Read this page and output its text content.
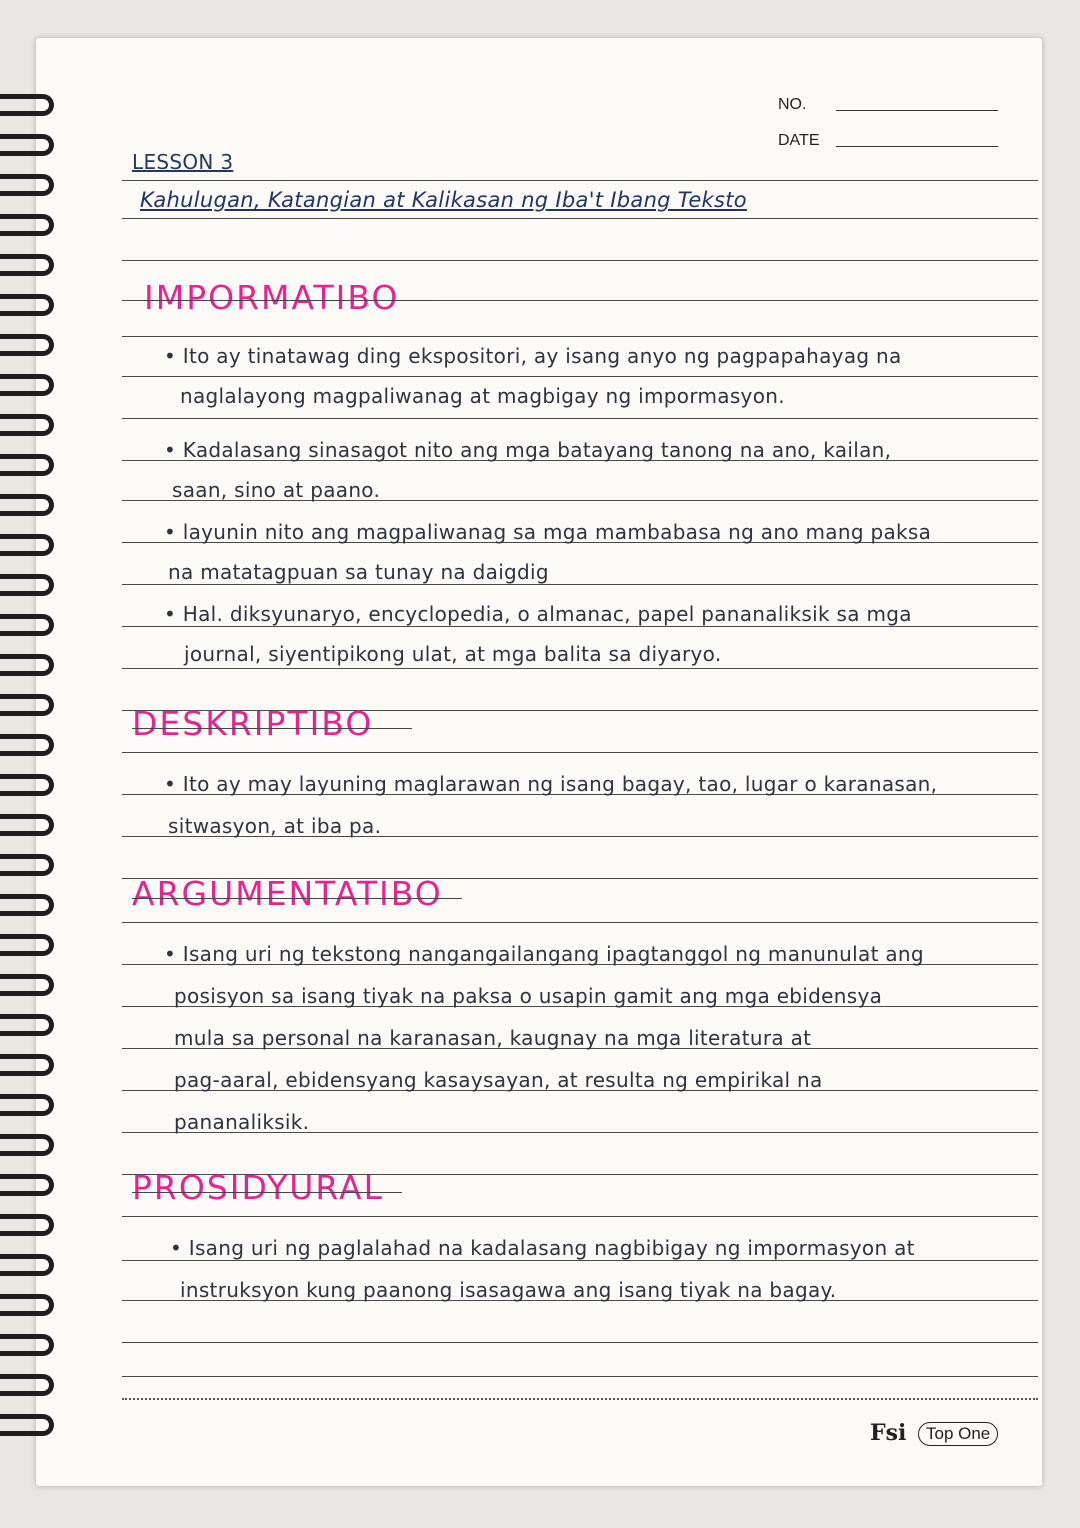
NO.
DATE
LESSON 3
Kahulugan, Katangian at Kalikasan ng Iba't Ibang Teksto
IMPORMATIBO
• Ito ay tinatawag ding ekspositori, ay isang anyo ng pagpapahayag na
naglalayong magpaliwanag at magbigay ng impormasyon.
• Kadalasang sinasagot nito ang mga batayang tanong na ano, kailan,
saan, sino at paano.
• layunin nito ang magpaliwanag sa mga mambabasa ng ano mang paksa
na matatagpuan sa tunay na daigdig
• Hal. diksyunaryo, encyclopedia, o almanac, papel pananaliksik sa mga
journal, siyentipikong ulat, at mga balita sa diyaryo.
DESKRIPTIBO
• Ito ay may layuning maglarawan ng isang bagay, tao, lugar o karanasan,
sitwasyon, at iba pa.
ARGUMENTATIBO
• Isang uri ng tekstong nangangailangang ipagtanggol ng manunulat ang
posisyon sa isang tiyak na paksa o usapin gamit ang mga ebidensya
mula sa personal na karanasan, kaugnay na mga literatura at
pag-aaral, ebidensyang kasaysayan, at resulta ng empirikal na
pananaliksik.
PROSIDYURAL
• Isang uri ng paglalahad na kadalasang nagbibigay ng impormasyon at
instruksyon kung paanong isasagawa ang isang tiyak na bagay.
Fsi	Top One
